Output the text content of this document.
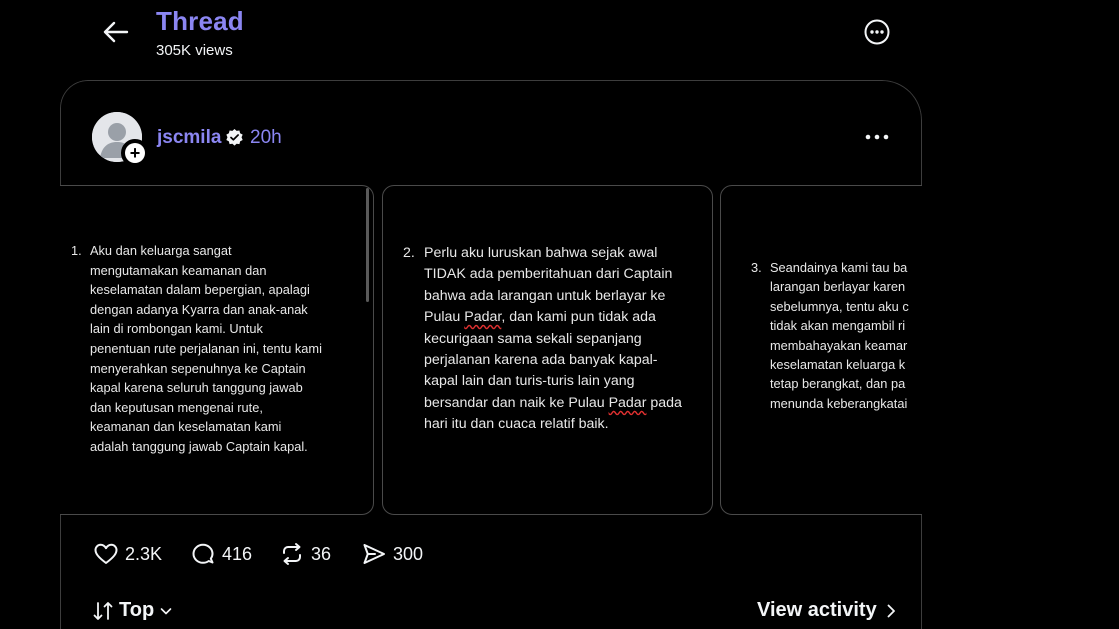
Thread
305K views
+
jscmila 20h
1. Aku dan keluarga sangat
mengutamakan keamanan dan
keselamatan dalam bepergian, apalagi
dengan adanya Kyarra dan anak-anak
lain di rombongan kami. Untuk
penentuan rute perjalanan ini, tentu kami
menyerahkan sepenuhnya ke Captain
kapal karena seluruh tanggung jawab
dan keputusan mengenai rute,
keamanan dan keselamatan kami
adalah tanggung jawab Captain kapal.
2. Perlu aku luruskan bahwa sejak awal
TIDAK ada pemberitahuan dari Captain
bahwa ada larangan untuk berlayar ke
Pulau Padar, dan kami pun tidak ada
kecurigaan sama sekali sepanjang
perjalanan karena ada banyak kapal-
kapal lain dan turis-turis lain yang
bersandar dan naik ke Pulau Padar pada
hari itu dan cuaca relatif baik.
3. Seandainya kami tau ba
larangan berlayar karen
sebelumnya, tentu aku c
tidak akan mengambil ri
membahayakan keamar
keselamatan keluarga k
tetap berangkat, dan pa
menunda keberangkatai
2.3K	416	36	300
Top	View activity
